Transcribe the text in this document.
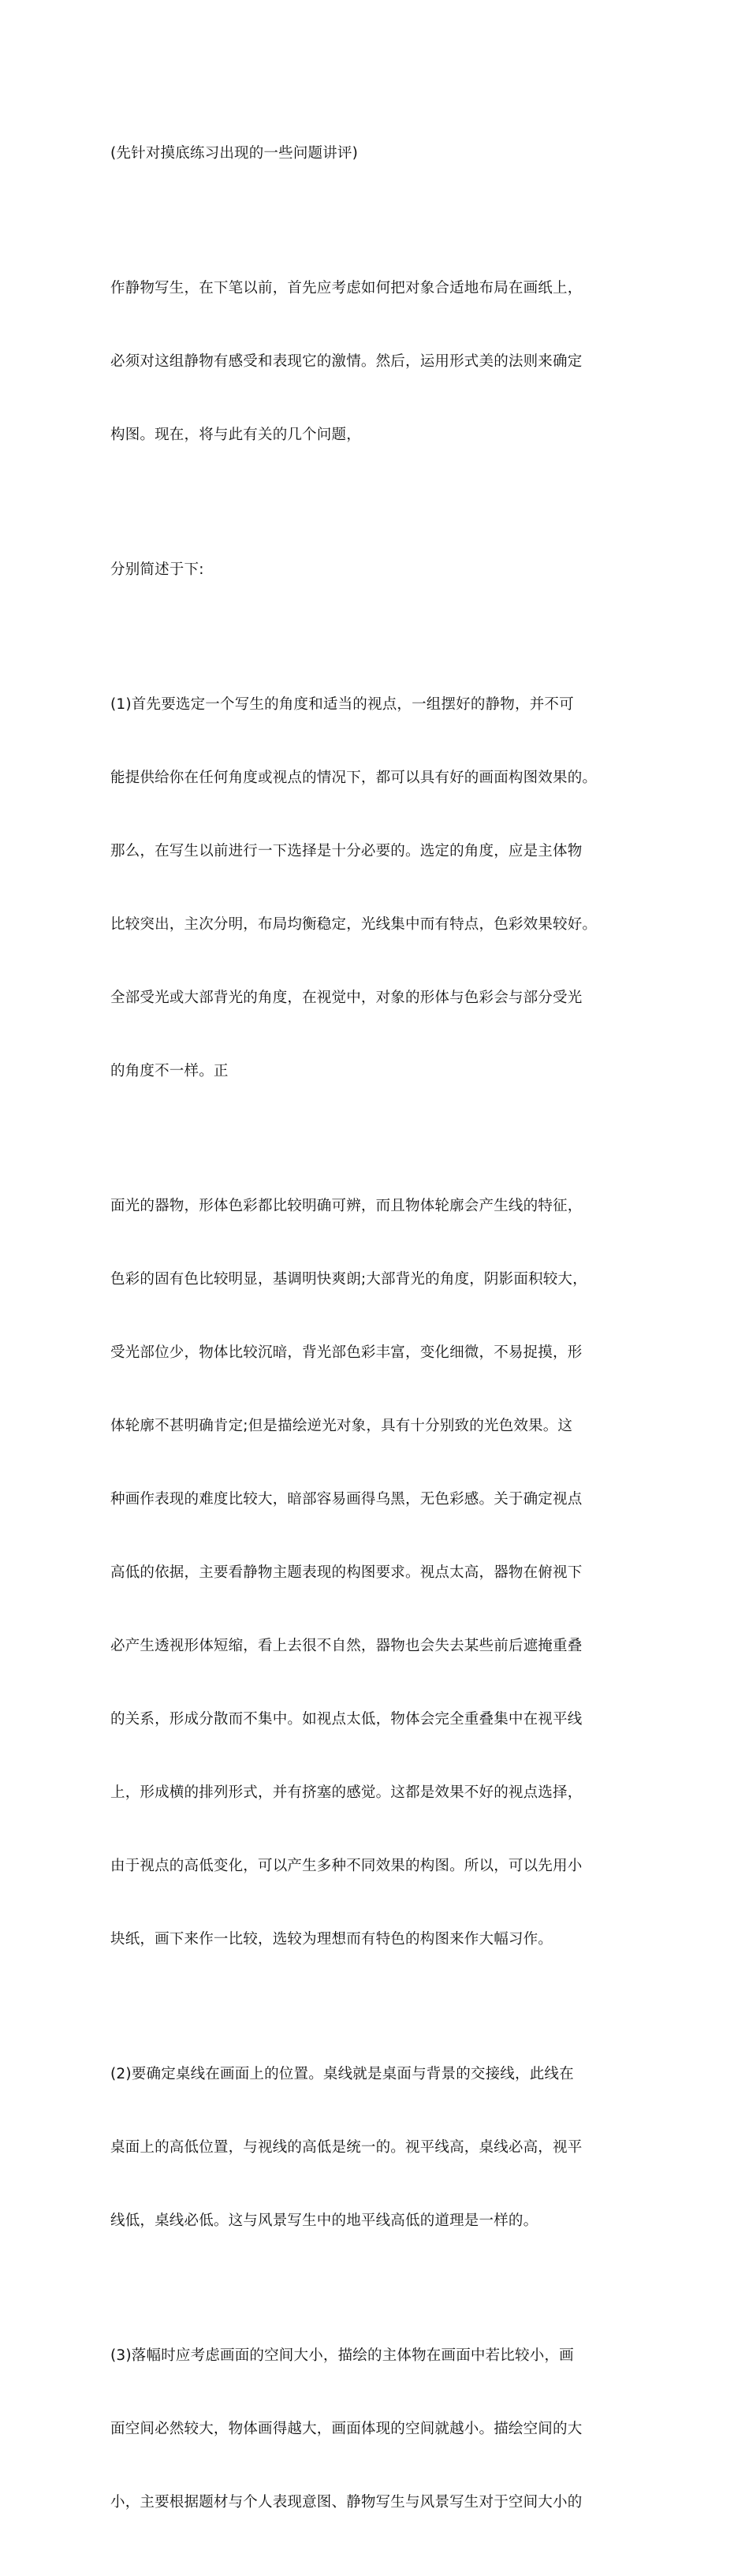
(先针对摸底练习出现的一些问题讲评)

作静物写生，在下笔以前，首先应考虑如何把对象合适地布局在画纸上，

必须对这组静物有感受和表现它的激情。然后，运用形式美的法则来确定

构图。现在，将与此有关的几个问题，

分别简述于下:

(1)首先要选定一个写生的角度和适当的视点，一组摆好的静物，并不可

能提供给你在任何角度或视点的情况下，都可以具有好的画面构图效果的。

那么，在写生以前进行一下选择是十分必要的。选定的角度，应是主体物

比较突出，主次分明，布局均衡稳定，光线集中而有特点，色彩效果较好。

全部受光或大部背光的角度，在视觉中，对象的形体与色彩会与部分受光

的角度不一样。正

面光的器物，形体色彩都比较明确可辨，而且物体轮廓会产生线的特征，

色彩的固有色比较明显，基调明快爽朗;大部背光的角度，阴影面积较大，

受光部位少，物体比较沉暗，背光部色彩丰富，变化细微，不易捉摸，形

体轮廓不甚明确肯定;但是描绘逆光对象，具有十分别致的光色效果。这

种画作表现的难度比较大，暗部容易画得乌黑，无色彩感。关于确定视点

高低的依据，主要看静物主题表现的构图要求。视点太高，器物在俯视下

必产生透视形体短缩，看上去很不自然，器物也会失去某些前后遮掩重叠

的关系，形成分散而不集中。如视点太低，物体会完全重叠集中在视平线

上，形成横的排列形式，并有挤塞的感觉。这都是效果不好的视点选择，

由于视点的高低变化，可以产生多种不同效果的构图。所以，可以先用小

块纸，画下来作一比较，选较为理想而有特色的构图来作大幅习作。

(2)要确定桌线在画面上的位置。桌线就是桌面与背景的交接线，此线在

桌面上的高低位置，与视线的高低是统一的。视平线高，桌线必高，视平

线低，桌线必低。这与风景写生中的地平线高低的道理是一样的。

(3)落幅时应考虑画面的空间大小，描绘的主体物在画面中若比较小，画

面空间必然较大，物体画得越大，画面体现的空间就越小。描绘空间的大

小，主要根据题材与个人表现意图、静物写生与风景写生对于空间大小的
